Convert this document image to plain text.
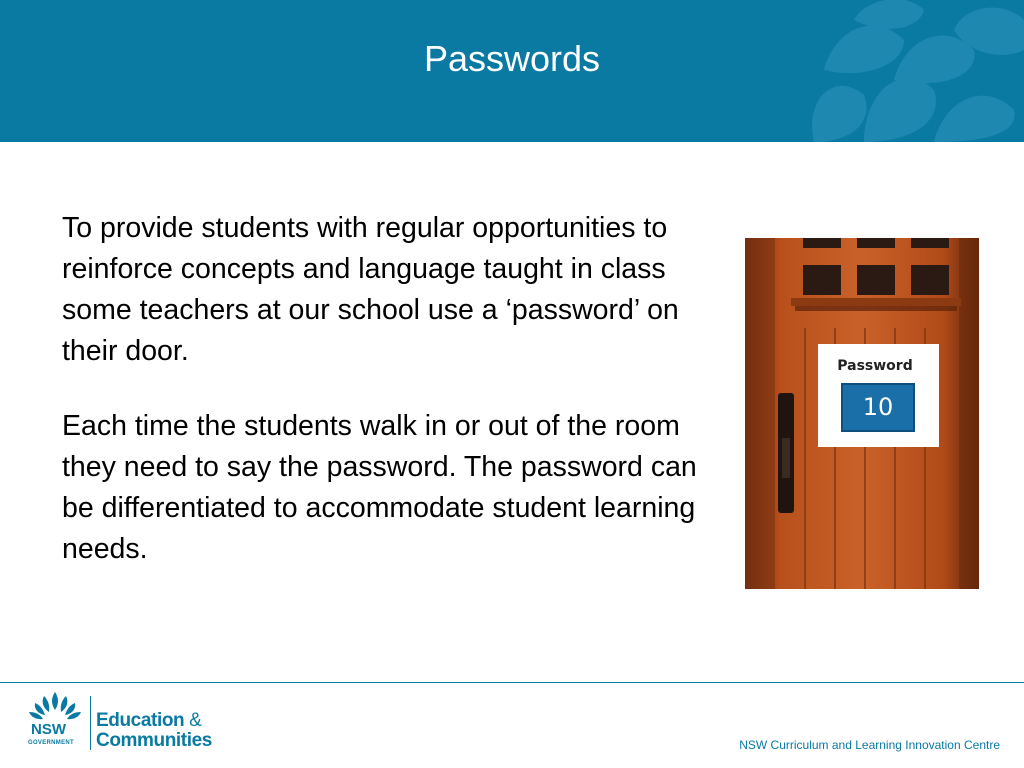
Passwords

To provide students with regular opportunities to reinforce concepts and language taught in class some teachers at our school use a ‘password’ on their door.

Each time the students walk in or out of the room they need to say the password. The password can be differentiated to accommodate student learning needs.

Password
10
NSW
GOVERNMENT
Education &
Communities	NSW Curriculum and Learning Innovation Centre
